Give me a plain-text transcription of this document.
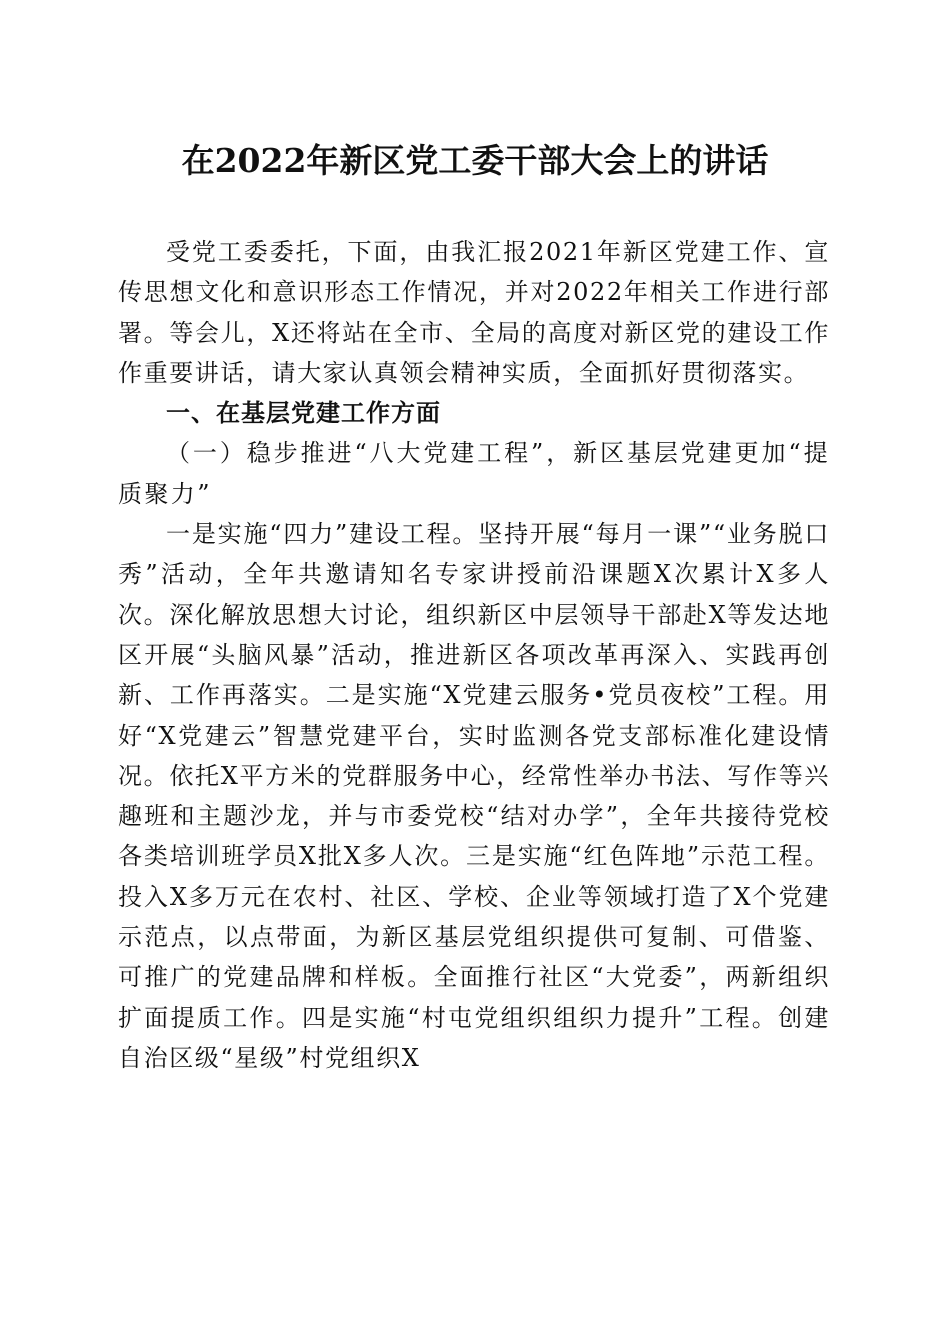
在2022年新区党工委干部大会上的讲话

受党工委委托，下面，由我汇报2021年新区党建工作、宣传思想文化和意识形态工作情况，并对2022年相关工作进行部署。等会儿，X还将站在全市、全局的高度对新区党的建设工作作重要讲话，请大家认真领会精神实质，全面抓好贯彻落实。

一、在基层党建工作方面

（一）稳步推进“八大党建工程”，新区基层党建更加“提质聚力”

一是实施“四力”建设工程。坚持开展“每月一课”“业务脱口秀”活动，全年共邀请知名专家讲授前沿课题X次累计X多人次。深化解放思想大讨论，组织新区中层领导干部赴X等发达地区开展“头脑风暴”活动，推进新区各项改革再深入、实践再创新、工作再落实。二是实施“X党建云服务•党员夜校”工程。用好“X党建云”智慧党建平台，实时监测各党支部标准化建设情况。依托X平方米的党群服务中心，经常性举办书法、写作等兴趣班和主题沙龙，并与市委党校“结对办学”，全年共接待党校各类培训班学员X批X多人次。三是实施“红色阵地”示范工程。投入X多万元在农村、社区、学校、企业等领域打造了X个党建示范点，以点带面，为新区基层党组织提供可复制、可借鉴、可推广的党建品牌和样板。全面推行社区“大党委”，两新组织扩面提质工作。四是实施“村屯党组织组织力提升”工程。创建自治区级“星级”村党组织X
